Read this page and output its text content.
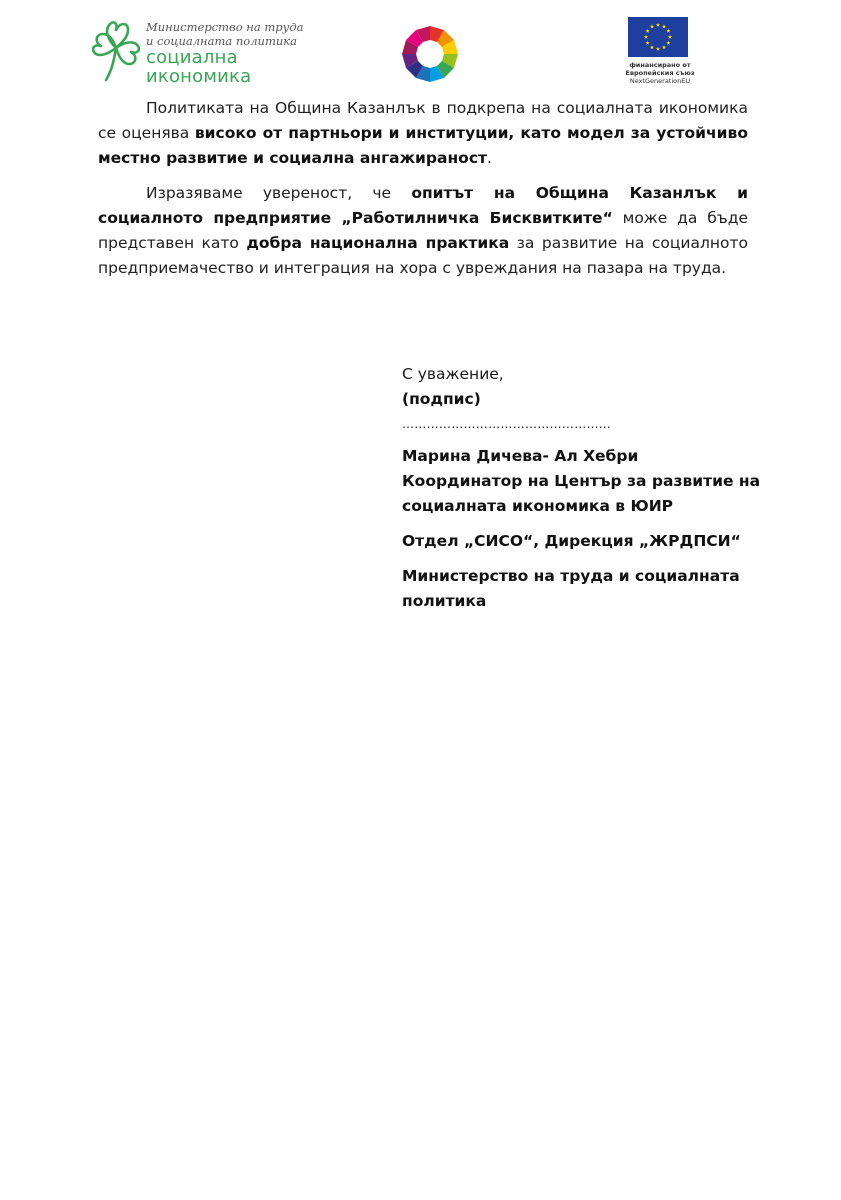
Министерство на труда
и социалната политика
социална
икономика
финансирано от
Европейския съюз
NextGenerationEU

Политиката на Община Казанлък в подкрепа на социалната икономика се оценява високо от партньори и институции, като модел за устойчиво местно развитие и социална ангажираност.

Изразяваме увереност, че опитът на Община Казанлък и социалното предприятие „Работилничка Бисквитките“ може да бъде представен като добра национална практика за развитие на социалното предприемачество и интеграция на хора с увреждания на пазара на труда.

С уважение,
(подпис)
……………………………………………
Марина Дичева- Ал Хебри
Координатор на Център за развитие на
социалната икономика в ЮИР
Отдел „СИСО“, Дирекция „ЖРДПСИ“
Министерство на труда и социалната
политика
